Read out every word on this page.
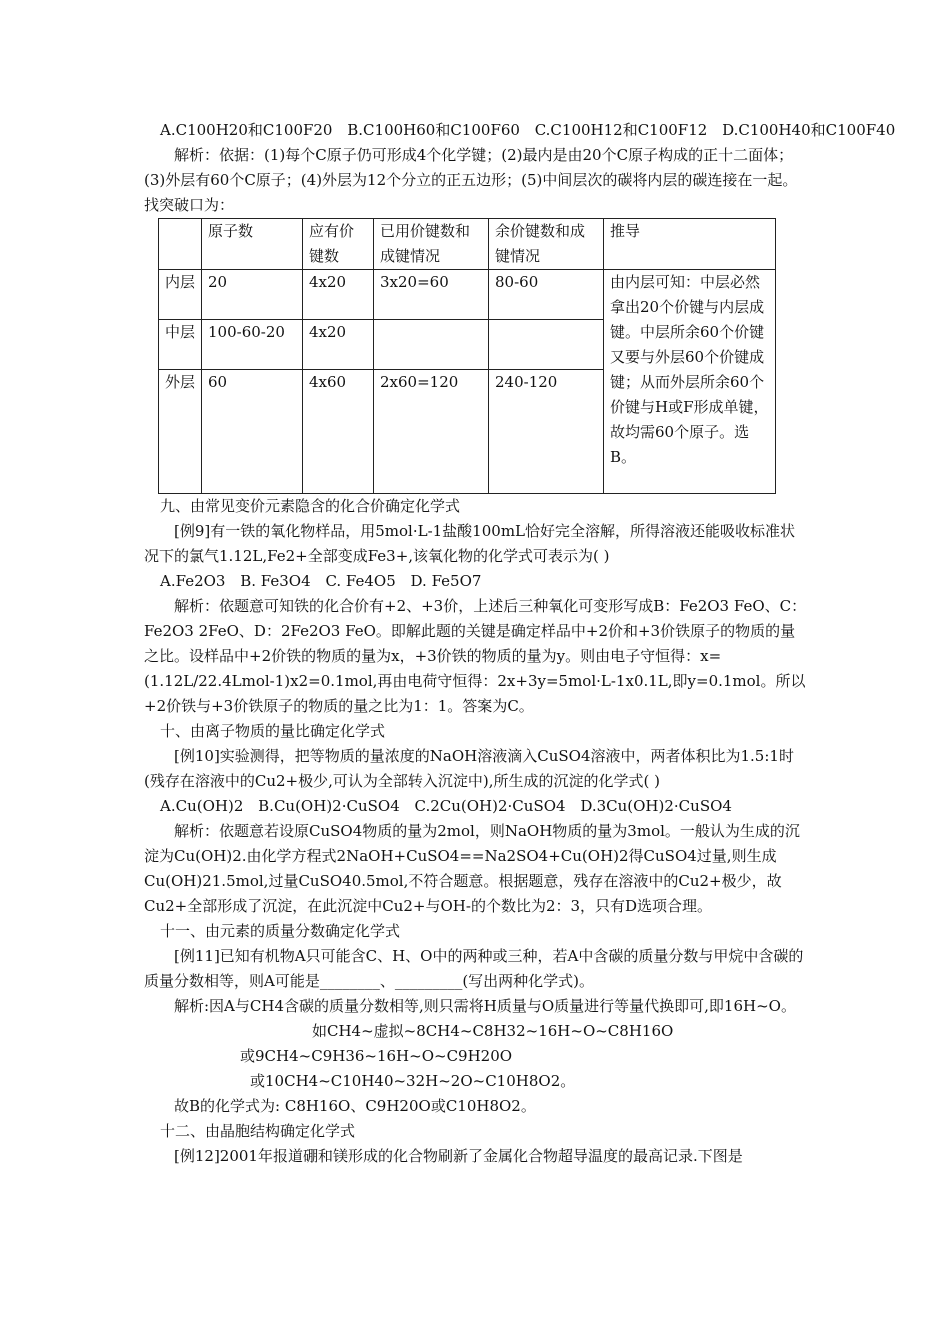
A.C100H20和C100F20 B.C100H60和C100F60 C.C100H12和C100F12 D.C100H40和C100F40

解析：依据：(1)每个C原子仍可形成4个化学键；(2)最内是由20个C原子构成的正十二面体；(3)外层有60个C原子；(4)外层为12个分立的正五边形；(5)中间层次的碳将内层的碳连接在一起。找突破口为：

	原子数	应有价键数	已用价键数和成键情况	余价键数和成键情况	推导
内层	20	4x20	3x20=60	80-60	由内层可知：中层必然拿出20个价键与内层成键。中层所余60个价键又要与外层60个价键成键；从而外层所余60个价键与H或F形成单键，故均需60个原子。选B。
中层	100-60-20	4x20			
外层	60	4x60	2x60=120	240-120	

九、由常见变价元素隐含的化合价确定化学式

[例9]有一铁的氧化物样品，用5mol·L-1盐酸100mL恰好完全溶解，所得溶液还能吸收标准状况下的氯气1.12L,Fe2+全部变成Fe3+,该氧化物的化学式可表示为( )

A.Fe2O3 B. Fe3O4 C. Fe4O5 D. Fe5O7

解析：依题意可知铁的化合价有+2、+3价，上述后三种氧化可变形写成B：Fe2O3 FeO、C：Fe2O3 2FeO、D：2Fe2O3 FeO。即解此题的关键是确定样品中+2价和+3价铁原子的物质的量之比。设样品中+2价铁的物质的量为x，+3价铁的物质的量为y。则由电子守恒得：x=(1.12L/22.4Lmol-1)x2=0.1mol,再由电荷守恒得：2x+3y=5mol·L-1x0.1L,即y=0.1mol。所以+2价铁与+3价铁原子的物质的量之比为1：1。答案为C。

十、由离子物质的量比确定化学式

[例10]实验测得，把等物质的量浓度的NaOH溶液滴入CuSO4溶液中，两者体积比为1.5:1时(残存在溶液中的Cu2+极少,可认为全部转入沉淀中),所生成的沉淀的化学式( )

A.Cu(OH)2 B.Cu(OH)2·CuSO4 C.2Cu(OH)2·CuSO4 D.3Cu(OH)2·CuSO4

解析：依题意若设原CuSO4物质的量为2mol，则NaOH物质的量为3mol。一般认为生成的沉淀为Cu(OH)2.由化学方程式2NaOH+CuSO4==Na2SO4+Cu(OH)2得CuSO4过量,则生成Cu(OH)21.5mol,过量CuSO40.5mol,不符合题意。根据题意，残存在溶液中的Cu2+极少，故Cu2+全部形成了沉淀，在此沉淀中Cu2+与OH-的个数比为2：3，只有D选项合理。

十一、由元素的质量分数确定化学式

[例11]已知有机物A只可能含C、H、O中的两种或三种，若A中含碳的质量分数与甲烷中含碳的质量分数相等，则A可能是________、_________(写出两种化学式)。

解析:因A与CH4含碳的质量分数相等,则只需将H质量与O质量进行等量代换即可,即16H~O。

如CH4~虚拟~8CH4~C8H32~16H~O~C8H16O

或9CH4~C9H36~16H~O~C9H20O

或10CH4~C10H40~32H~2O~C10H8O2。

故B的化学式为: C8H16O、C9H20O或C10H8O2。

十二、由晶胞结构确定化学式

[例12]2001年报道硼和镁形成的化合物刷新了金属化合物超导温度的最高记录.下图是
